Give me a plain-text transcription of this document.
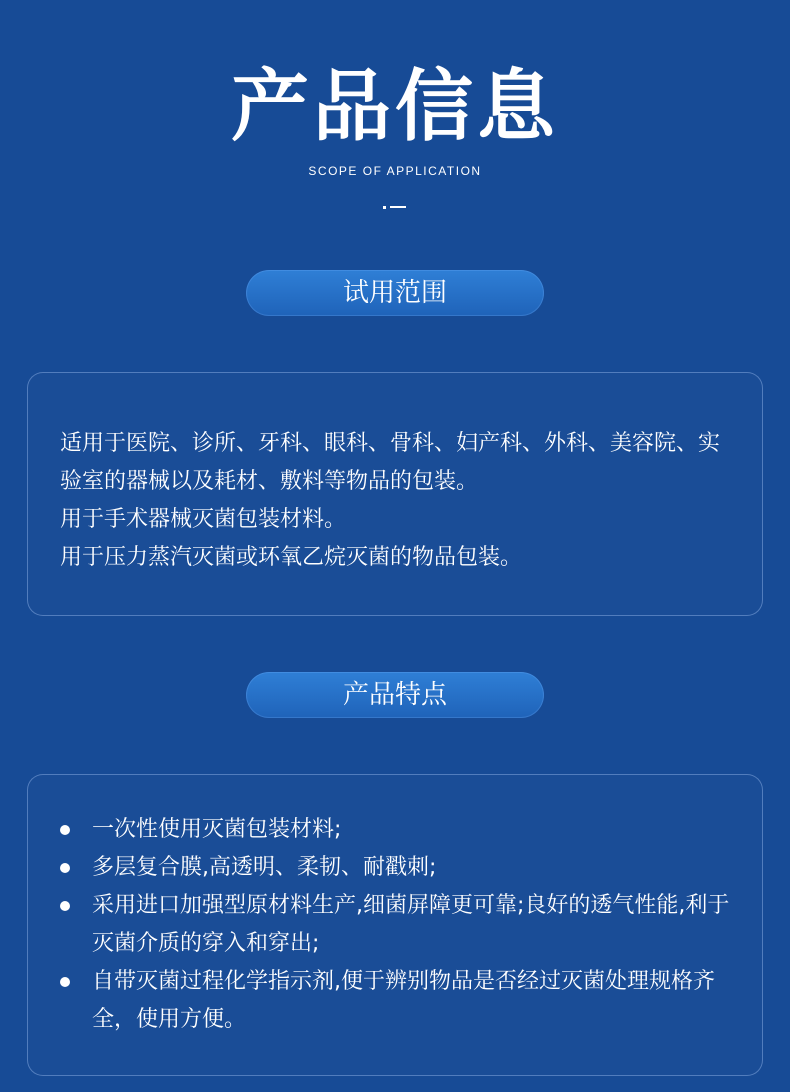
产品信息
SCOPE OF APPLICATION
试用范围

适用于医院、诊所、牙科、眼科、骨科、妇产科、外科、美容院、实验室的器械以及耗材、敷料等物品的包装。

用于手术器械灭菌包装材料。

用于压力蒸汽灭菌或环氧乙烷灭菌的物品包装。

产品特点
一次性使用灭菌包装材料;
多层复合膜,高透明、柔韧、耐戳刺;
采用进口加强型原材料生产,细菌屏障更可靠;良好的透气性能,利于灭菌介质的穿入和穿出;
自带灭菌过程化学指示剂,便于辨别物品是否经过灭菌处理规格齐全，使用方便。
